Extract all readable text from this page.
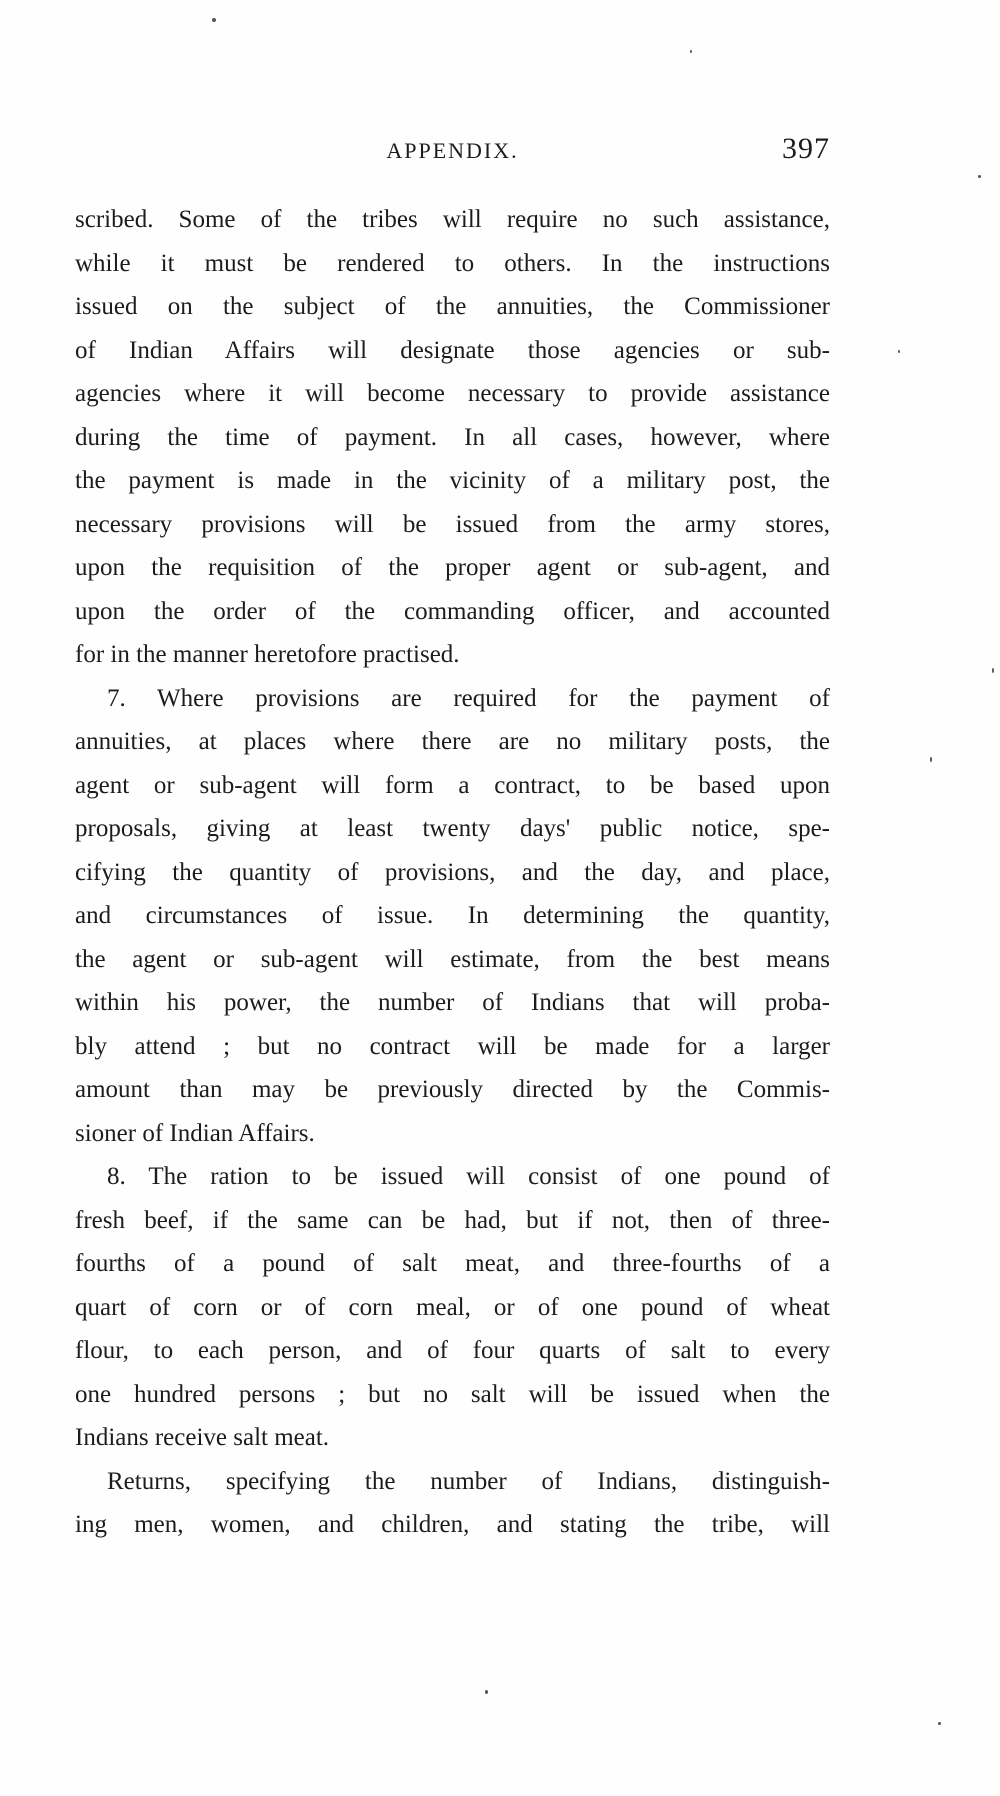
APPENDIX.	397
scribed. Some of the tribes will require no such assistance,
while it must be rendered to others. In the instructions
issued on the subject of the annuities, the Commissioner
of Indian Affairs will designate those agencies or sub-
agencies where it will become necessary to provide assistance
during the time of payment. In all cases, however, where
the payment is made in the vicinity of a military post, the
necessary provisions will be issued from the army stores,
upon the requisition of the proper agent or sub-agent, and
upon the order of the commanding officer, and accounted
for in the manner heretofore practised.
7. Where provisions are required for the payment of
annuities, at places where there are no military posts, the
agent or sub-agent will form a contract, to be based upon
proposals, giving at least twenty days' public notice, spe-
cifying the quantity of provisions, and the day, and place,
and circumstances of issue. In determining the quantity,
the agent or sub-agent will estimate, from the best means
within his power, the number of Indians that will proba-
bly attend ; but no contract will be made for a larger
amount than may be previously directed by the Commis-
sioner of Indian Affairs.
8. The ration to be issued will consist of one pound of
fresh beef, if the same can be had, but if not, then of three-
fourths of a pound of salt meat, and three-fourths of a
quart of corn or of corn meal, or of one pound of wheat
flour, to each person, and of four quarts of salt to every
one hundred persons ; but no salt will be issued when the
Indians receive salt meat.
Returns, specifying the number of Indians, distinguish-
ing men, women, and children, and stating the tribe, will
